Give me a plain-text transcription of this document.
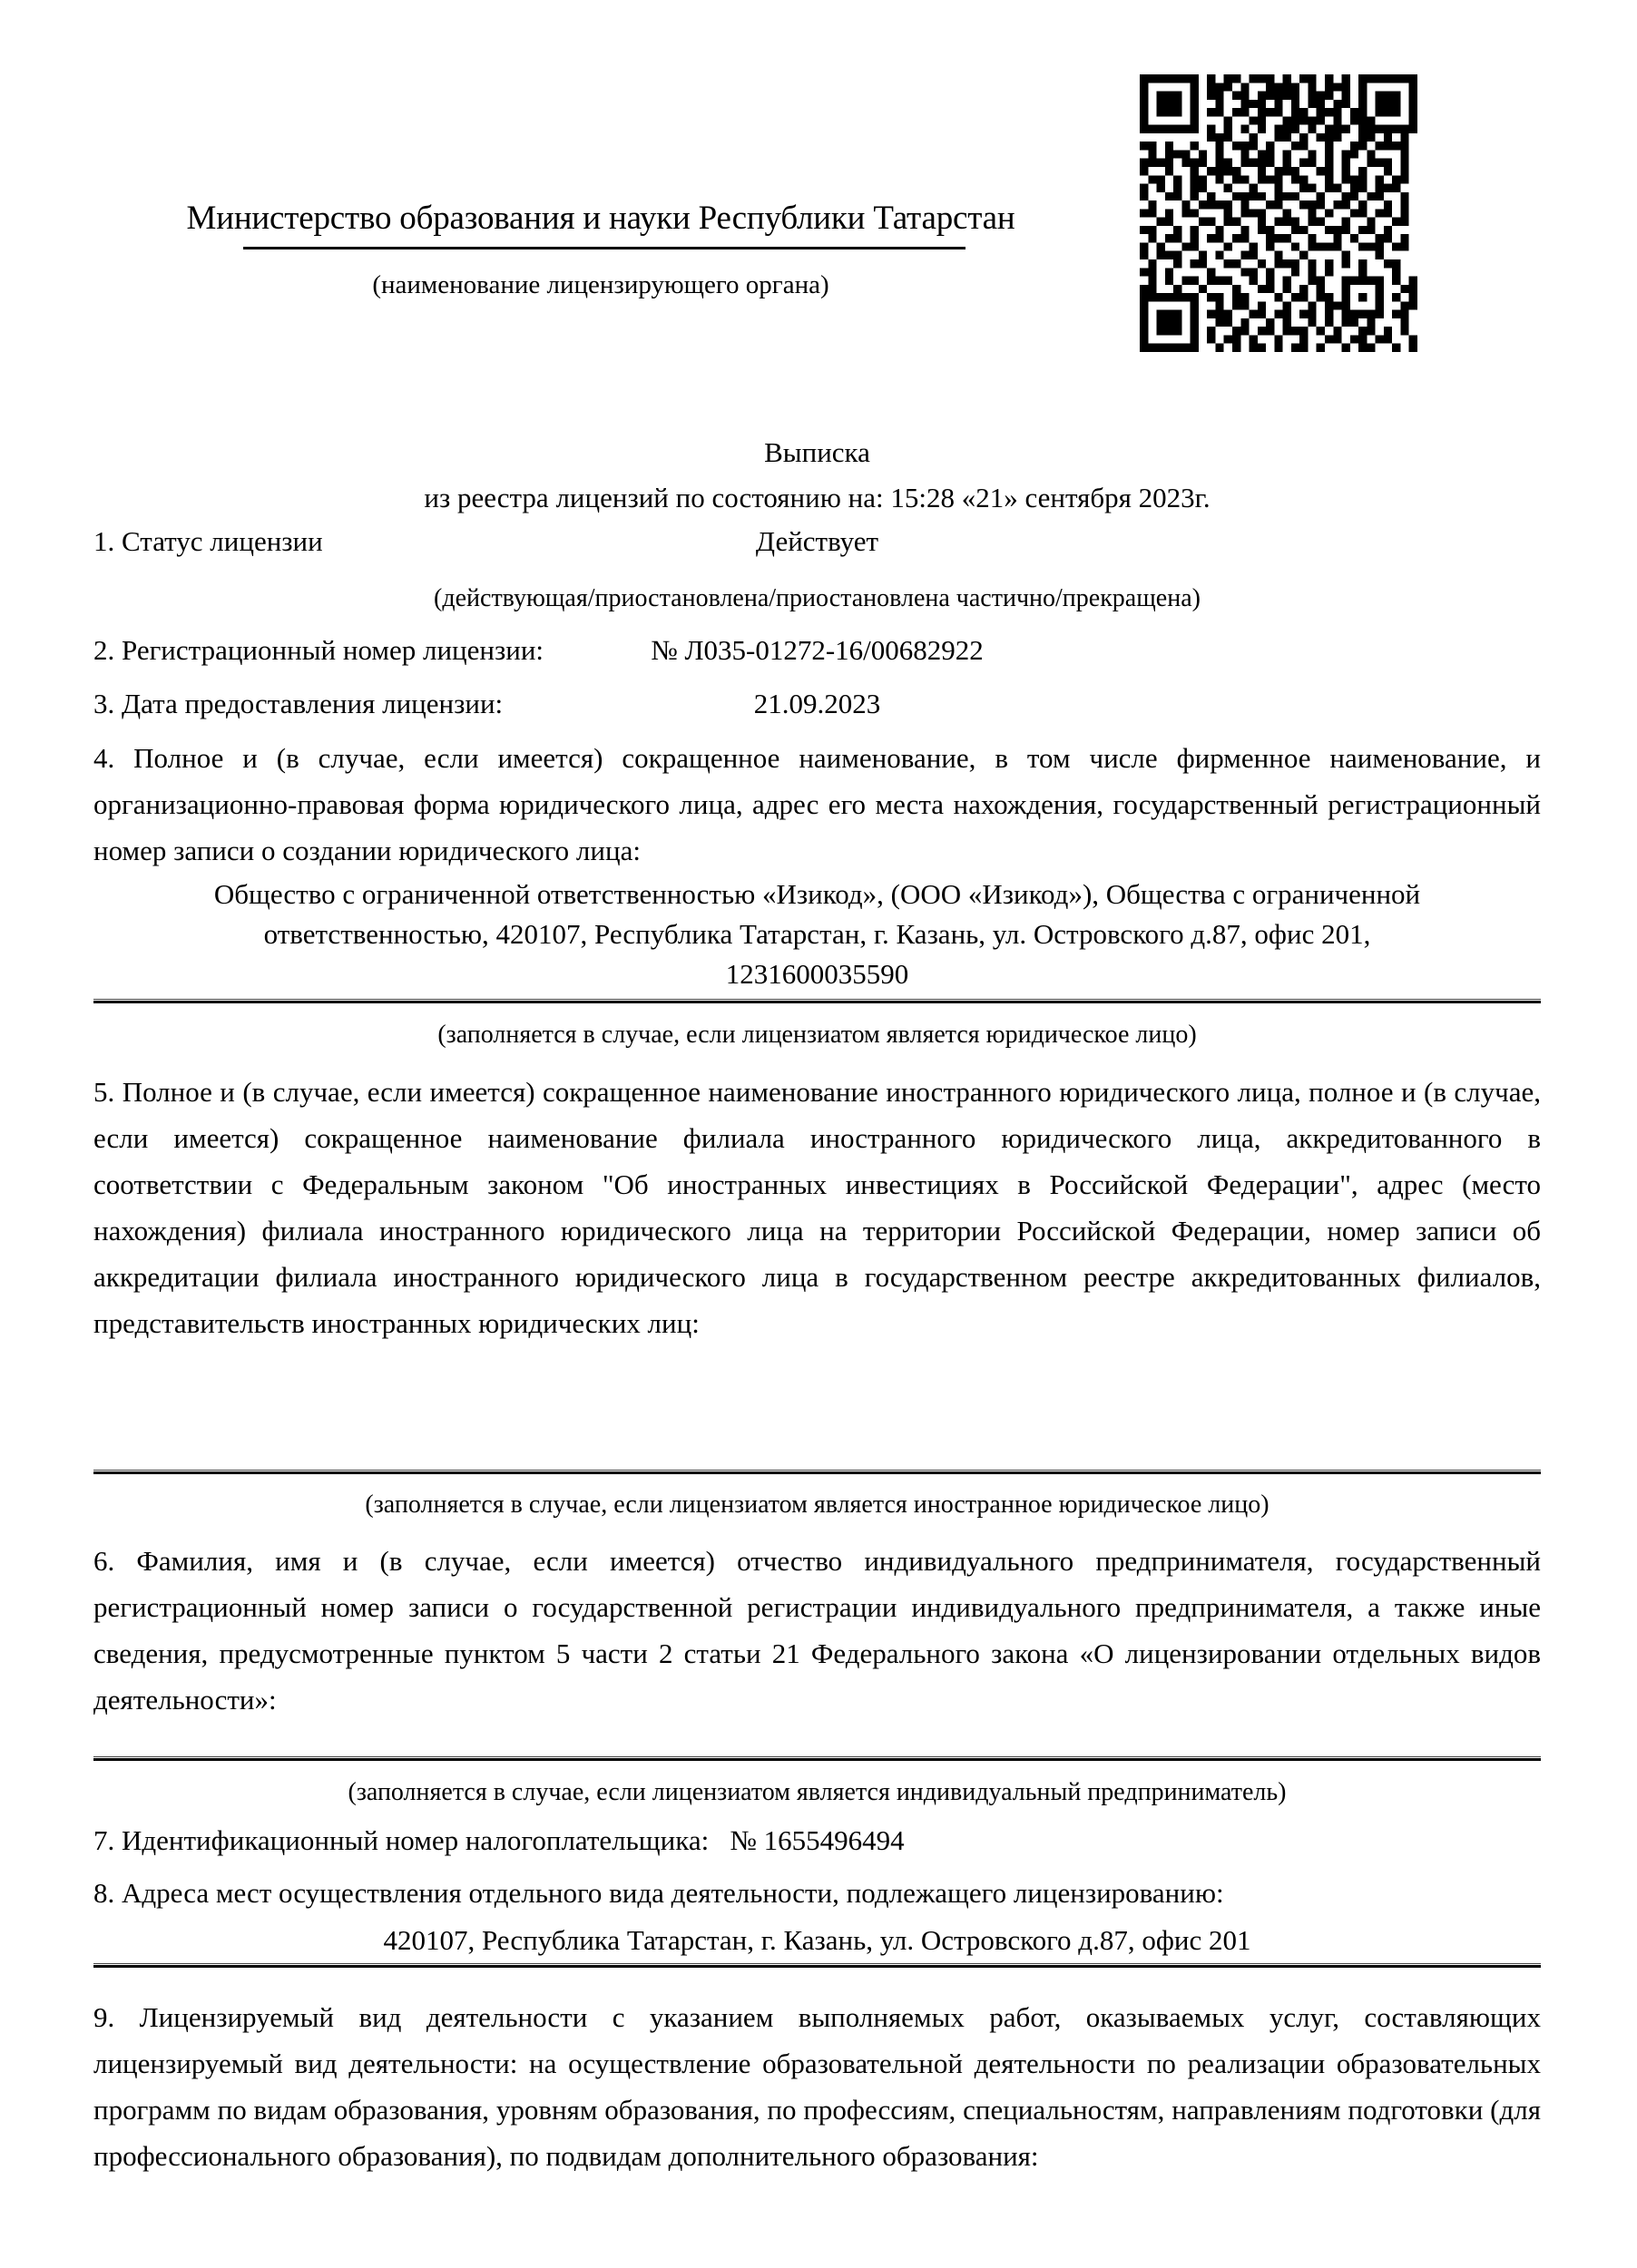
Министерство образования и науки Республики Татарстан
(наименование лицензирующего органа)
Выписка
из реестра лицензий по состоянию на: 15:28 «21» сентября 2023г.
1. Статус лицензии	Действует
(действующая/приостановлена/приостановлена частично/прекращена)
2. Регистрационный номер лицензии:	№ Л035-01272-16/00682922
3. Дата предоставления лицензии:	21.09.2023
4. Полное и (в случае, если имеется) сокращенное наименование, в том числе фирменное наименование, и организационно-правовая форма юридического лица, адрес его места нахождения, государственный регистрационный номер записи о создании юридического лица:
Общество с ограниченной ответственностью «Изикод», (ООО «Изикод»), Общества с ограниченной
ответственностью, 420107, Республика Татарстан, г. Казань, ул. Островского д.87, офис 201,
1231600035590
(заполняется в случае, если лицензиатом является юридическое лицо)
5. Полное и (в случае, если имеется) сокращенное наименование иностранного юридического лица, полное и (в случае, если имеется) сокращенное наименование филиала иностранного юридического лица, аккредитованного в соответствии с Федеральным законом "Об иностранных инвестициях в Российской Федерации", адрес (место нахождения) филиала иностранного юридического лица на территории Российской Федерации, номер записи об аккредитации филиала иностранного юридического лица в государственном реестре аккредитованных филиалов, представительств иностранных юридических лиц:
(заполняется в случае, если лицензиатом является иностранное юридическое лицо)
6. Фамилия, имя и (в случае, если имеется) отчество индивидуального предпринимателя, государственный регистрационный номер записи о государственной регистрации индивидуального предпринимателя, а также иные сведения, предусмотренные пунктом 5 части 2 статьи 21 Федерального закона «О лицензировании отдельных видов деятельности»:
(заполняется в случае, если лицензиатом является индивидуальный предприниматель)
7. Идентификационный номер налогоплательщика: № 1655496494
8. Адреса мест осуществления отдельного вида деятельности, подлежащего лицензированию:
420107, Республика Татарстан, г. Казань, ул. Островского д.87, офис 201
9. Лицензируемый вид деятельности с указанием выполняемых работ, оказываемых услуг, составляющих лицензируемый вид деятельности: на осуществление образовательной деятельности по реализации образовательных программ по видам образования, уровням образования, по профессиям, специальностям, направлениям подготовки (для профессионального образования), по подвидам дополнительного образования:
